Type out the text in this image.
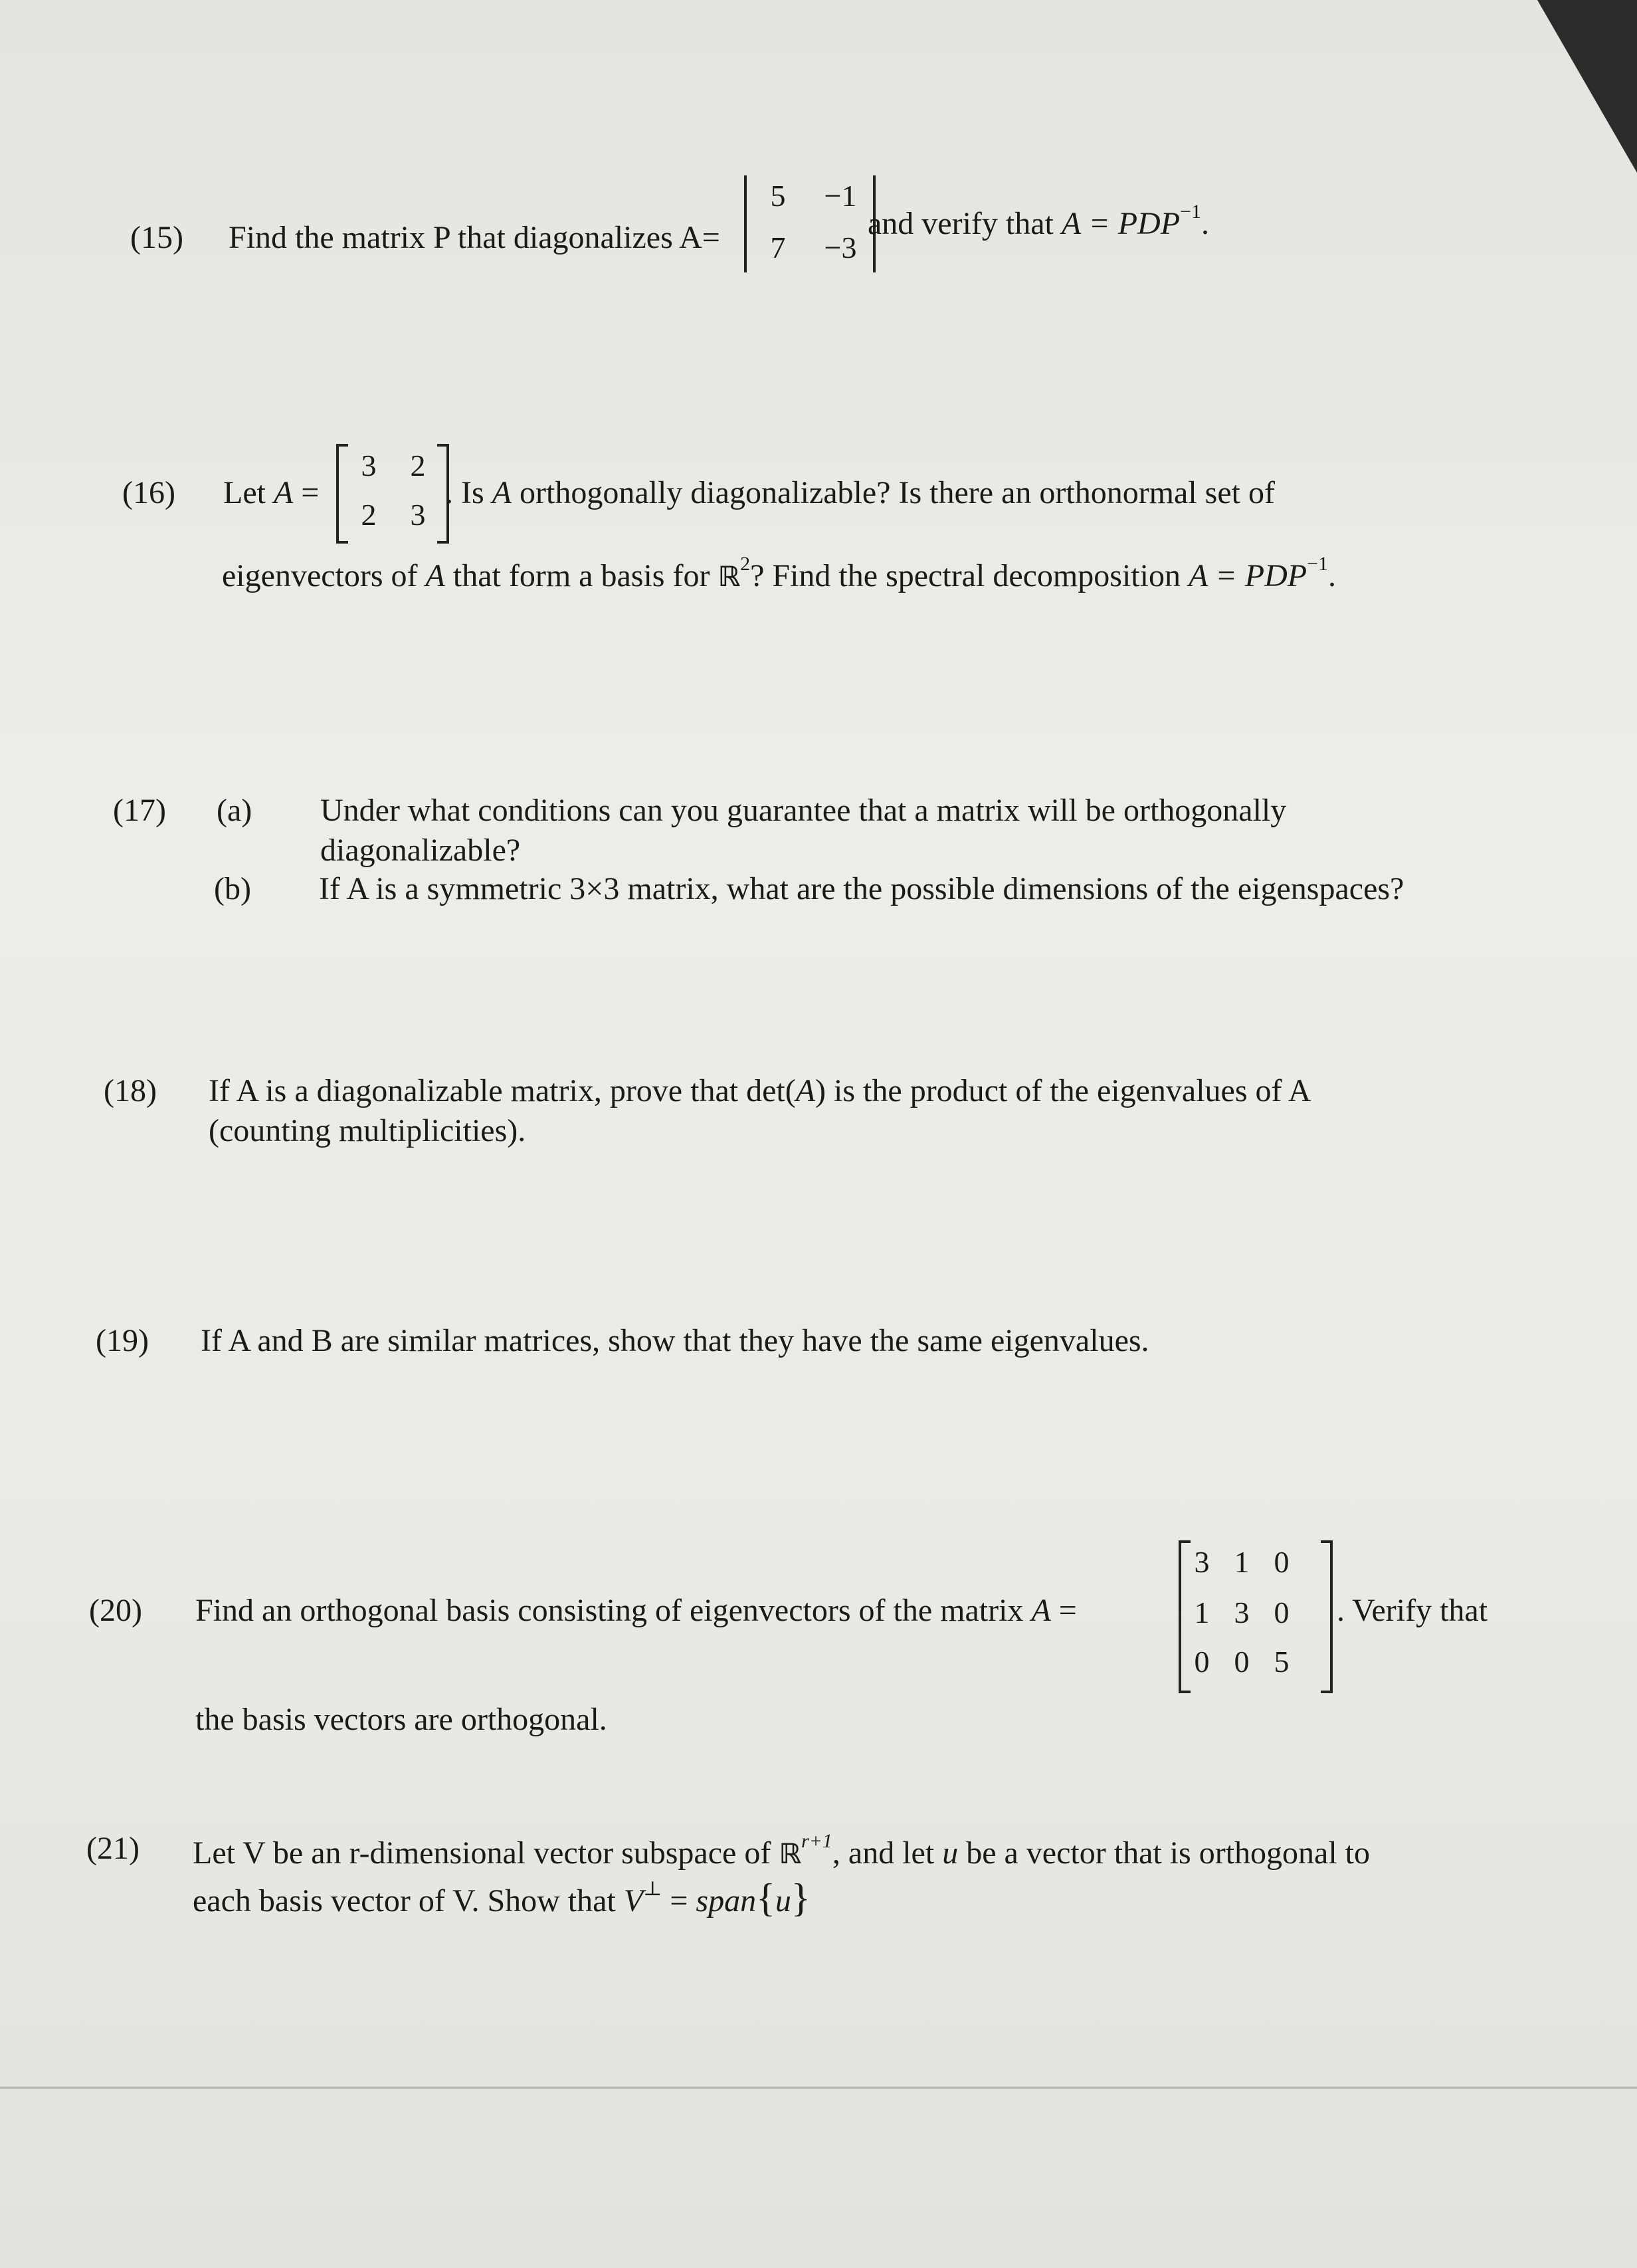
(15) Find the matrix P that diagonalizes A=
5	−1
7	−3
and verify that $A = PDP^{-1}$.
(16) Let A =
3	2
2	3
. Is A orthogonally diagonalizable? Is there an orthonormal set of
eigenvectors of A that form a basis for ℝ$^2$? Find the spectral decomposition $A = PDP^{-1}$.
(17) (a) Under what conditions can you guarantee that a matrix will be orthogonally
diagonalizable?
(b) If A is a symmetric 3×3 matrix, what are the possible dimensions of the eigenspaces?
(18) If A is a diagonalizable matrix, prove that det(A) is the product of the eigenvalues of A
(counting multiplicities).
(19) If A and B are similar matrices, show that they have the same eigenvalues.
(20) Find an orthogonal basis consisting of eigenvectors of the matrix A =
3 1 0
1 3 0
0 0 5
. Verify that
the basis vectors are orthogonal.
(21) Let V be an r-dimensional vector subspace of ℝ$^{r+1}$, and let u be a vector that is orthogonal to
each basis vector of V. Show that V⊥ = span{u}
